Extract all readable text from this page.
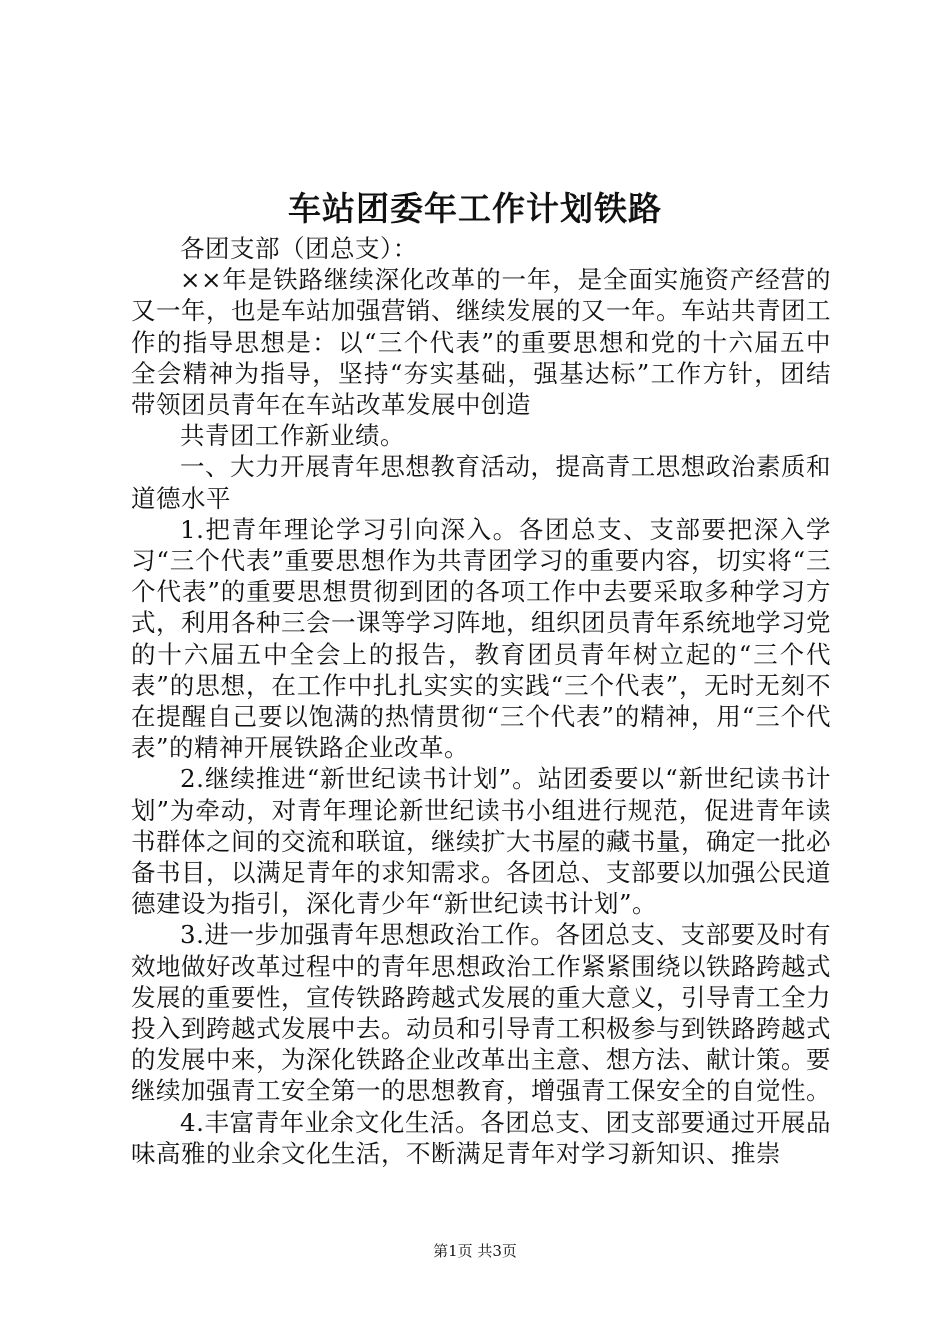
车站团委年工作计划铁路

各团支部（团总支）：

××年是铁路继续深化改革的一年，是全面实施资产经营的又一年，也是车站加强营销、继续发展的又一年。车站共青团工作的指导思想是：以“三个代表”的重要思想和党的十六届五中全会精神为指导，坚持“夯实基础，强基达标”工作方针，团结带领团员青年在车站改革发展中创造

共青团工作新业绩。

一、大力开展青年思想教育活动，提高青工思想政治素质和道德水平

1.把青年理论学习引向深入。各团总支、支部要把深入学习“三个代表”重要思想作为共青团学习的重要内容，切实将“三个代表”的重要思想贯彻到团的各项工作中去要采取多种学习方式，利用各种三会一课等学习阵地，组织团员青年系统地学习党的十六届五中全会上的报告，教育团员青年树立起的“三个代表”的思想，在工作中扎扎实实的实践“三个代表”，无时无刻不在提醒自己要以饱满的热情贯彻“三个代表”的精神，用“三个代表”的精神开展铁路企业改革。

2.继续推进“新世纪读书计划”。站团委要以“新世纪读书计划”为牵动，对青年理论新世纪读书小组进行规范，促进青年读书群体之间的交流和联谊，继续扩大书屋的藏书量，确定一批必备书目，以满足青年的求知需求。各团总、支部要以加强公民道德建设为指引，深化青少年“新世纪读书计划”。

3.进一步加强青年思想政治工作。各团总支、支部要及时有效地做好改革过程中的青年思想政治工作紧紧围绕以铁路跨越式发展的重要性，宣传铁路跨越式发展的重大意义，引导青工全力投入到跨越式发展中去。动员和引导青工积极参与到铁路跨越式的发展中来，为深化铁路企业改革出主意、想方法、献计策。要继续加强青工安全第一的思想教育，增强青工保安全的自觉性。

4.丰富青年业余文化生活。各团总支、团支部要通过开展品味高雅的业余文化生活，不断满足青年对学习新知识、推崇

第1页 共3页
